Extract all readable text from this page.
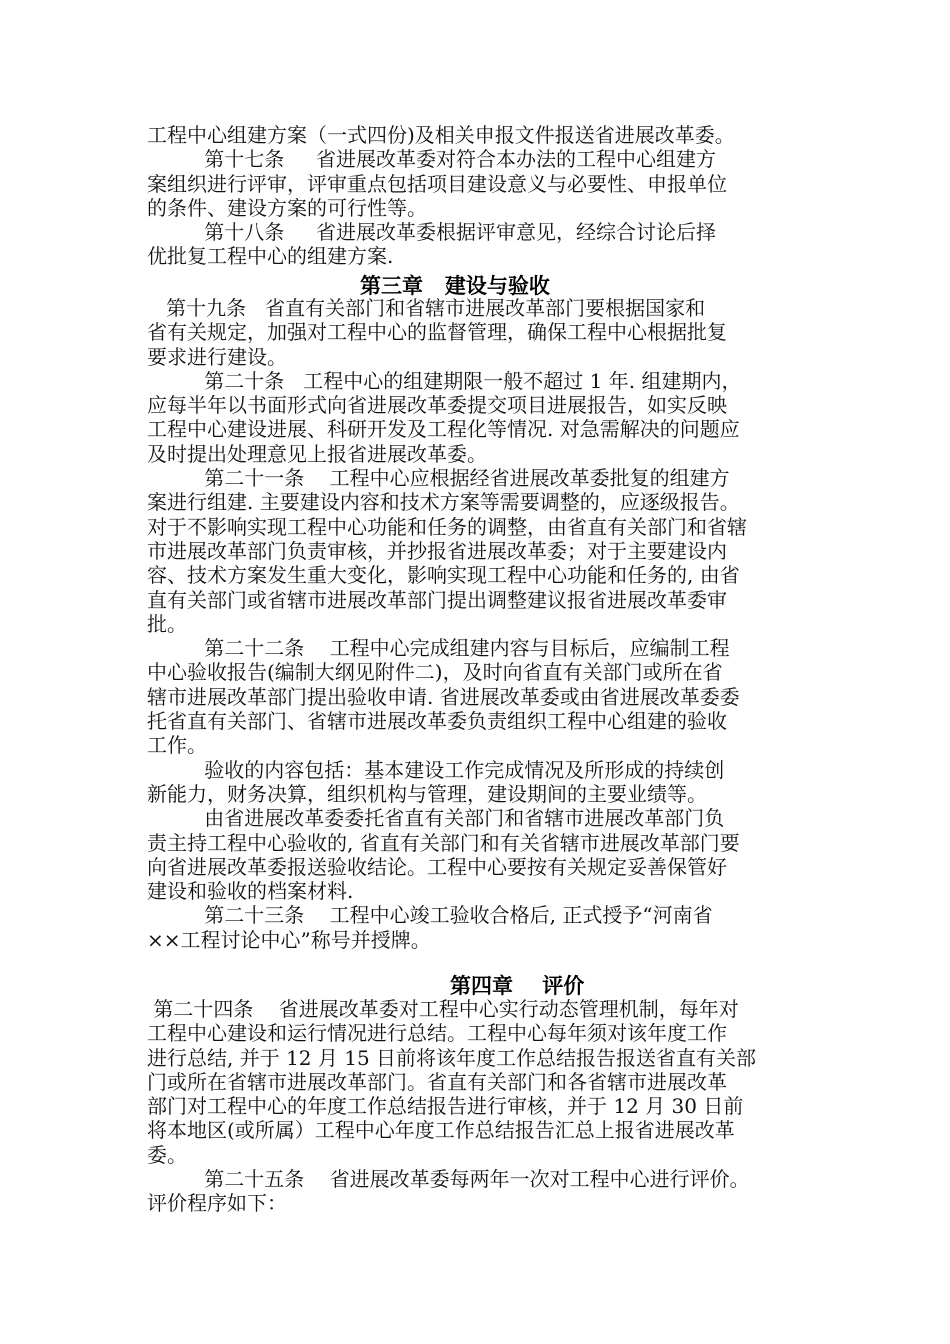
工程中心组建方案（一式四份)及相关申报文件报送省进展改革委。
第十七条     省进展改革委对符合本办法的工程中心组建方
案组织进行评审，评审重点包括项目建设意义与必要性、申报单位
的条件、建设方案的可行性等。
第十八条     省进展改革委根据评审意见，经综合讨论后择
优批复工程中心的组建方案.
第三章   建设与验收
第十九条   省直有关部门和省辖市进展改革部门要根据国家和
省有关规定，加强对工程中心的监督管理，确保工程中心根据批复
要求进行建设。
第二十条   工程中心的组建期限一般不超过 1 年. 组建期内，
应每半年以书面形式向省进展改革委提交项目进展报告，如实反映
工程中心建设进展、科研开发及工程化等情况. 对急需解决的问题应
及时提出处理意见上报省进展改革委。
第二十一条    工程中心应根据经省进展改革委批复的组建方
案进行组建. 主要建设内容和技术方案等需要调整的，应逐级报告。
对于不影响实现工程中心功能和任务的调整，由省直有关部门和省辖
市进展改革部门负责审核，并抄报省进展改革委；对于主要建设内
容、技术方案发生重大变化，影响实现工程中心功能和任务的, 由省
直有关部门或省辖市进展改革部门提出调整建议报省进展改革委审
批。
第二十二条    工程中心完成组建内容与目标后，应编制工程
中心验收报告(编制大纲见附件二)，及时向省直有关部门或所在省
辖市进展改革部门提出验收申请. 省进展改革委或由省进展改革委委
托省直有关部门、省辖市进展改革委负责组织工程中心组建的验收
工作。
验收的内容包括：基本建设工作完成情况及所形成的持续创
新能力，财务决算，组织机构与管理，建设期间的主要业绩等。
由省进展改革委委托省直有关部门和省辖市进展改革部门负
责主持工程中心验收的, 省直有关部门和有关省辖市进展改革部门要
向省进展改革委报送验收结论。工程中心要按有关规定妥善保管好
建设和验收的档案材料.
第二十三条    工程中心竣工验收合格后, 正式授予“河南省
××工程讨论中心”称号并授牌。
第四章    评价
第二十四条    省进展改革委对工程中心实行动态管理机制，每年对
工程中心建设和运行情况进行总结。工程中心每年须对该年度工作
进行总结, 并于 12 月 15 日前将该年度工作总结报告报送省直有关部
门或所在省辖市进展改革部门。省直有关部门和各省辖市进展改革
部门对工程中心的年度工作总结报告进行审核，并于 12 月 30 日前
将本地区(或所属）工程中心年度工作总结报告汇总上报省进展改革
委。
第二十五条    省进展改革委每两年一次对工程中心进行评价。
评价程序如下：
